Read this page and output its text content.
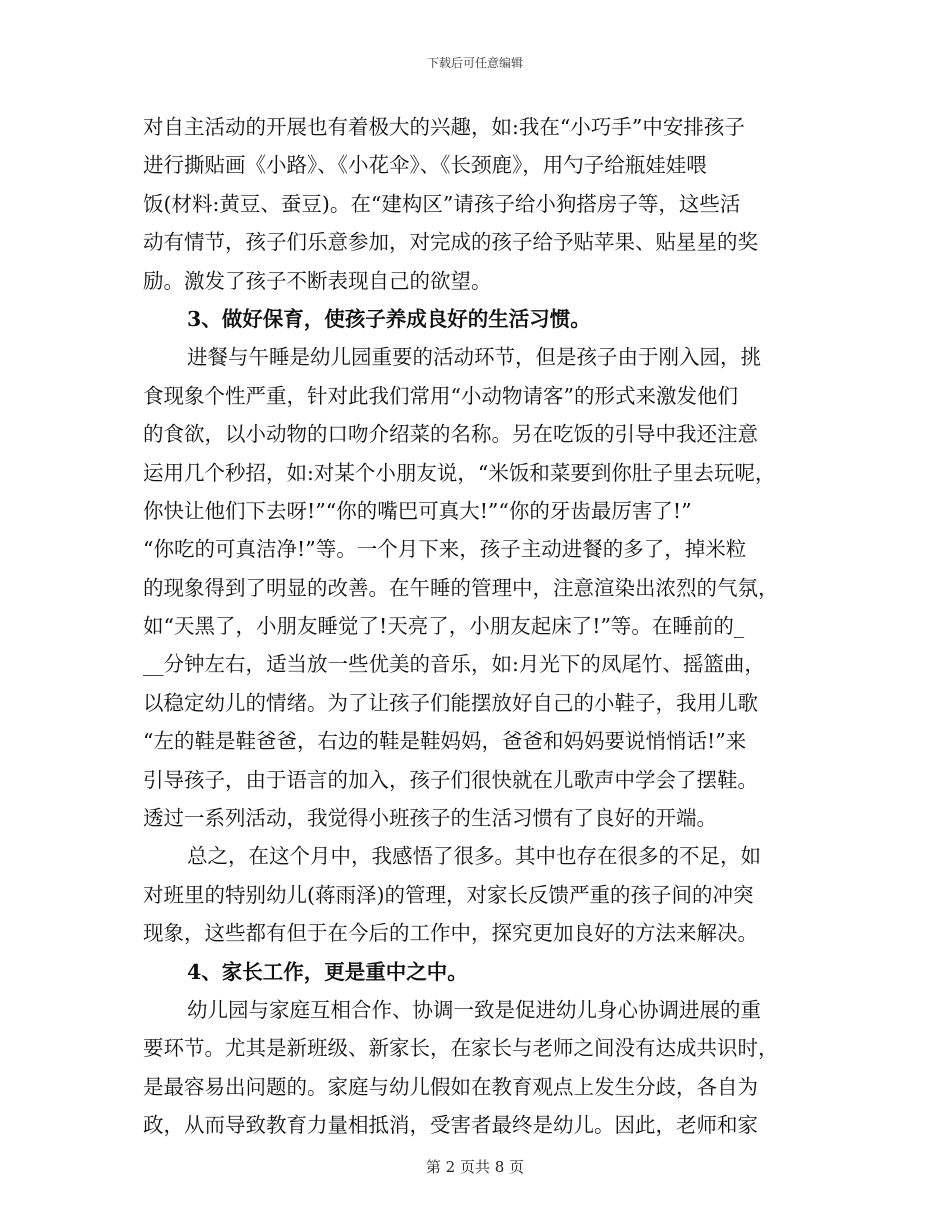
下载后可任意编辑
对自主活动的开展也有着极大的兴趣，如:我在“小巧手”中安排孩子
进行撕贴画《小路》、《小花伞》、《长颈鹿》，用勺子给瓶娃娃喂
饭(材料:黄豆、蚕豆)。在“建构区”请孩子给小狗搭房子等，这些活
动有情节，孩子们乐意参加，对完成的孩子给予贴苹果、贴星星的奖
励。激发了孩子不断表现自己的欲望。
3、做好保育，使孩子养成良好的生活习惯。
进餐与午睡是幼儿园重要的活动环节，但是孩子由于刚入园，挑
食现象个性严重，针对此我们常用“小动物请客”的形式来激发他们
的食欲，以小动物的口吻介绍菜的名称。另在吃饭的引导中我还注意
运用几个秒招，如:对某个小朋友说，“米饭和菜要到你肚子里去玩呢，
你快让他们下去呀!”“你的嘴巴可真大!”“你的牙齿最厉害了!”
“你吃的可真洁净!”等。一个月下来，孩子主动进餐的多了，掉米粒
的现象得到了明显的改善。在午睡的管理中，注意渲染出浓烈的气氛，
如“天黑了，小朋友睡觉了!天亮了，小朋友起床了!”等。在睡前的_
__分钟左右，适当放一些优美的音乐，如:月光下的凤尾竹、摇篮曲，
以稳定幼儿的情绪。为了让孩子们能摆放好自己的小鞋子，我用儿歌
“左的鞋是鞋爸爸，右边的鞋是鞋妈妈，爸爸和妈妈要说悄悄话!”来
引导孩子，由于语言的加入，孩子们很快就在儿歌声中学会了摆鞋。
透过一系列活动，我觉得小班孩子的生活习惯有了良好的开端。
总之，在这个月中，我感悟了很多。其中也存在很多的不足，如
对班里的特别幼儿(蒋雨泽)的管理，对家长反馈严重的孩子间的冲突
现象，这些都有但于在今后的工作中，探究更加良好的方法来解决。
4、家长工作，更是重中之中。
幼儿园与家庭互相合作、协调一致是促进幼儿身心协调进展的重
要环节。尤其是新班级、新家长，在家长与老师之间没有达成共识时，
是最容易出问题的。家庭与幼儿假如在教育观点上发生分歧，各自为
政，从而导致教育力量相抵消，受害者最终是幼儿。因此，老师和家
第 2 页共 8 页
